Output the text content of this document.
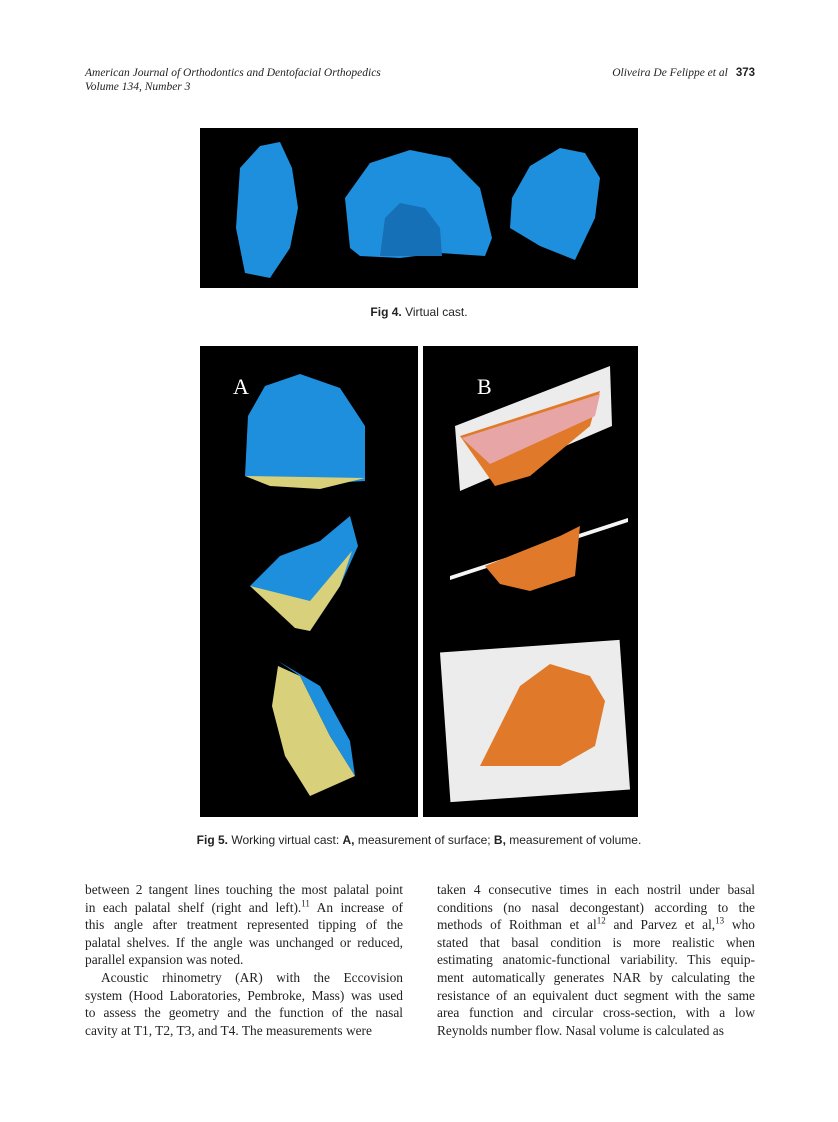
American Journal of Orthodontics and Dentofacial Orthopedics
Volume 134, Number 3
Oliveira De Felippe et al 373
Fig 4. Virtual cast.
A	B
Fig 5. Working virtual cast: A, measurement of surface; B, measurement of volume.
between 2 tangent lines touching the most palatal point
in each palatal shelf (right and left).$^{11}$ An increase of
this angle after treatment represented tipping of the
palatal shelves. If the angle was unchanged or reduced,
parallel expansion was noted.
Acoustic rhinometry (AR) with the Eccovision
system (Hood Laboratories, Pembroke, Mass) was used
to assess the geometry and the function of the nasal
cavity at T1, T2, T3, and T4. The measurements were
taken 4 consecutive times in each nostril under basal
conditions (no nasal decongestant) according to the
methods of Roithman et $al^{12}$ and Parvez et al,$^{13}$ who
stated that basal condition is more realistic when
estimating anatomic-functional variability. This equip-
ment automatically generates NAR by calculating the
resistance of an equivalent duct segment with the same
area function and circular cross-section, with a low
Reynolds number flow. Nasal volume is calculated as
